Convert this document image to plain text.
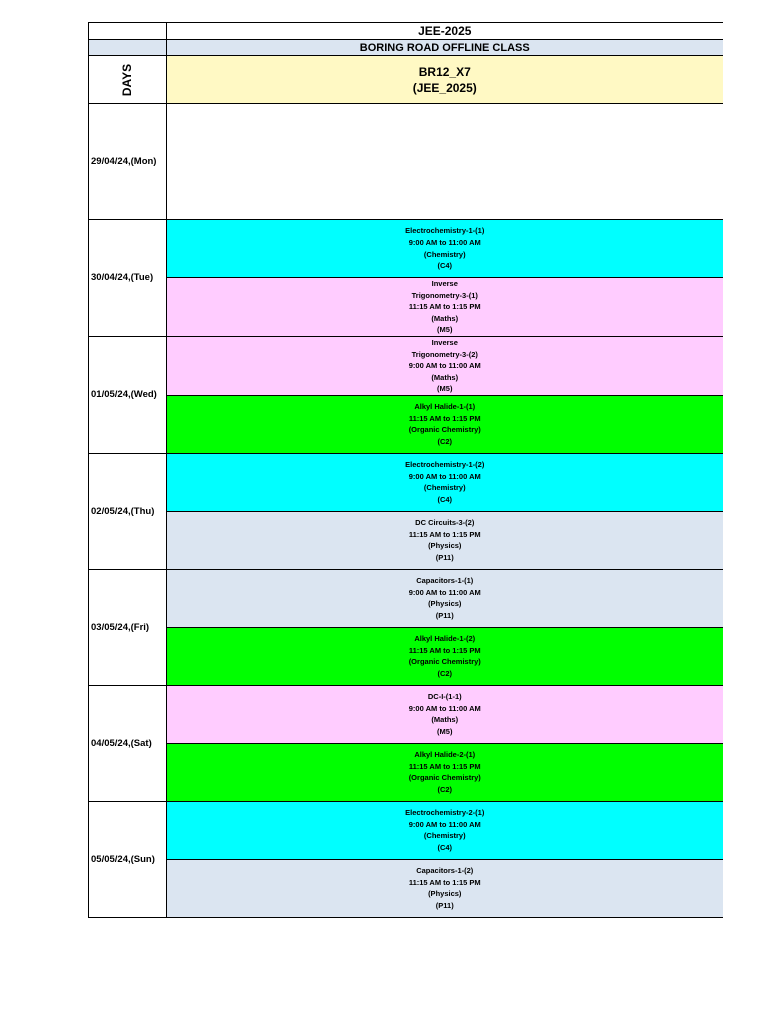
	JEE-2025
	BORING ROAD OFFLINE CLASS
DAYS	BR12_X7
(JEE_2025)

29/04/24,(Mon)	
30/04/24,(Tue)	Electrochemistry-1-(1)
9:00 AM to 11:00 AM
(Chemistry)
(C4)

	Inverse
Trigonometry-3-(1)
11:15 AM to 1:15 PM
(Maths)
(M5)

01/05/24,(Wed)	Inverse
Trigonometry-3-(2)
9:00 AM to 11:00 AM
(Maths)
(M5)

	Alkyl Halide-1-(1)
11:15 AM to 1:15 PM
(Organic Chemistry)
(C2)

02/05/24,(Thu)	Electrochemistry-1-(2)
9:00 AM to 11:00 AM
(Chemistry)
(C4)

	DC Circuits-3-(2)
11:15 AM to 1:15 PM
(Physics)
(P11)

03/05/24,(Fri)	Capacitors-1-(1)
9:00 AM to 11:00 AM
(Physics)
(P11)

	Alkyl Halide-1-(2)
11:15 AM to 1:15 PM
(Organic Chemistry)
(C2)

04/05/24,(Sat)	DC-I-(1-1)
9:00 AM to 11:00 AM
(Maths)
(M5)

	Alkyl Halide-2-(1)
11:15 AM to 1:15 PM
(Organic Chemistry)
(C2)

05/05/24,(Sun)	Electrochemistry-2-(1)
9:00 AM to 11:00 AM
(Chemistry)
(C4)

	Capacitors-1-(2)
11:15 AM to 1:15 PM
(Physics)
(P11)
